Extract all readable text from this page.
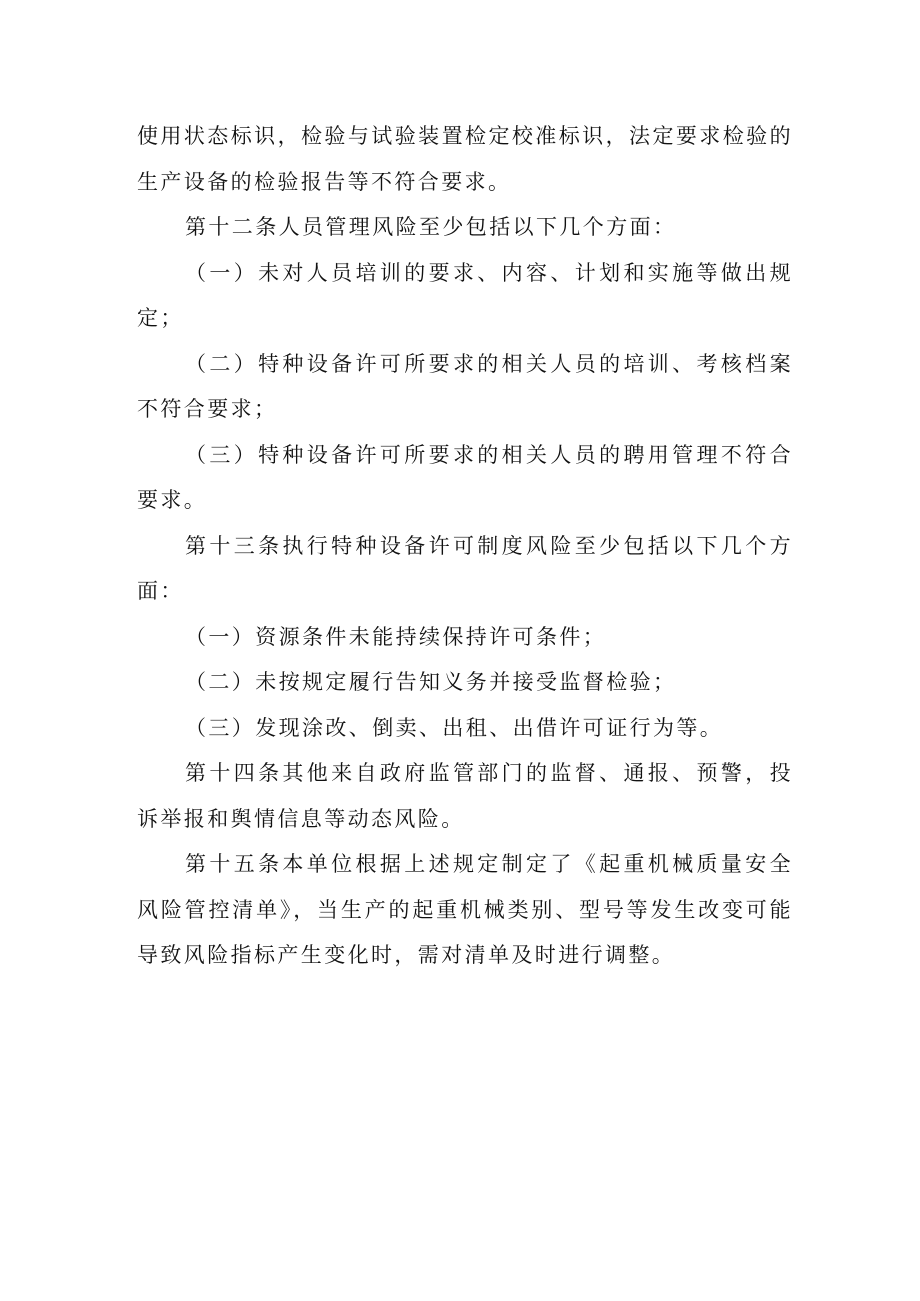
使用状态标识，检验与试验装置检定校准标识，法定要求检验的生产设备的检验报告等不符合要求。

第十二条人员管理风险至少包括以下几个方面：

（一）未对人员培训的要求、内容、计划和实施等做出规定；

（二）特种设备许可所要求的相关人员的培训、考核档案不符合要求；

（三）特种设备许可所要求的相关人员的聘用管理不符合要求。

第十三条执行特种设备许可制度风险至少包括以下几个方面：

（一）资源条件未能持续保持许可条件；

（二）未按规定履行告知义务并接受监督检验；

（三）发现涂改、倒卖、出租、出借许可证行为等。

第十四条其他来自政府监管部门的监督、通报、预警，投诉举报和舆情信息等动态风险。

第十五条本单位根据上述规定制定了《起重机械质量安全风险管控清单》，当生产的起重机械类别、型号等发生改变可能导致风险指标产生变化时，需对清单及时进行调整。
